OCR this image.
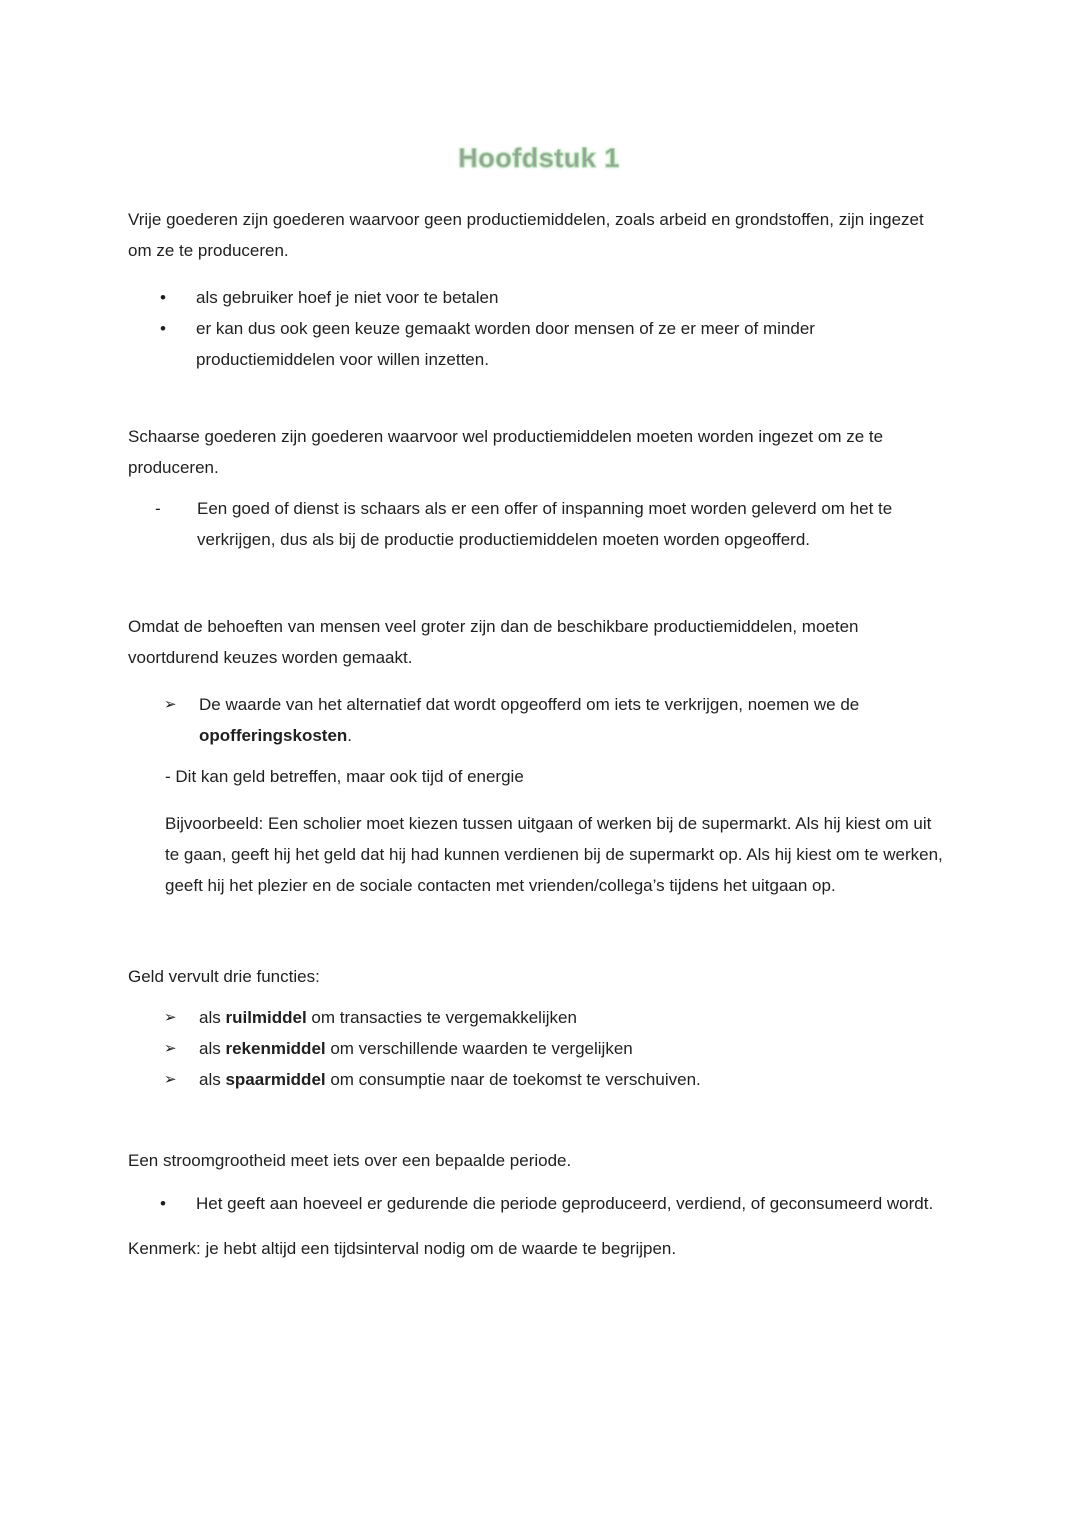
Hoofdstuk 1

Vrije goederen zijn goederen waarvoor geen productiemiddelen, zoals arbeid en grondstoffen, zijn ingezet om ze te produceren.

•	als gebruiker hoef je niet voor te betalen
•	er kan dus ook geen keuze gemaakt worden door mensen of ze er meer of minder productiemiddelen voor willen inzetten.

Schaarse goederen zijn goederen waarvoor wel productiemiddelen moeten worden ingezet om ze te produceren.

-	Een goed of dienst is schaars als er een offer of inspanning moet worden geleverd om het te verkrijgen, dus als bij de productie productiemiddelen moeten worden opgeofferd.

Omdat de behoeften van mensen veel groter zijn dan de beschikbare productiemiddelen, moeten voortdurend keuzes worden gemaakt.

➢	De waarde van het alternatief dat wordt opgeofferd om iets te verkrijgen, noemen we de opofferingskosten.

- Dit kan geld betreffen, maar ook tijd of energie

Bijvoorbeeld: Een scholier moet kiezen tussen uitgaan of werken bij de supermarkt. Als hij kiest om uit te gaan, geeft hij het geld dat hij had kunnen verdienen bij de supermarkt op. Als hij kiest om te werken, geeft hij het plezier en de sociale contacten met vrienden/collega’s tijdens het uitgaan op.

Geld vervult drie functies:

➢	als ruilmiddel om transacties te vergemakkelijken
➢	als rekenmiddel om verschillende waarden te vergelijken
➢	als spaarmiddel om consumptie naar de toekomst te verschuiven.

Een stroomgrootheid meet iets over een bepaalde periode.

•	Het geeft aan hoeveel er gedurende die periode geproduceerd, verdiend, of geconsumeerd wordt.

Kenmerk: je hebt altijd een tijdsinterval nodig om de waarde te begrijpen.
